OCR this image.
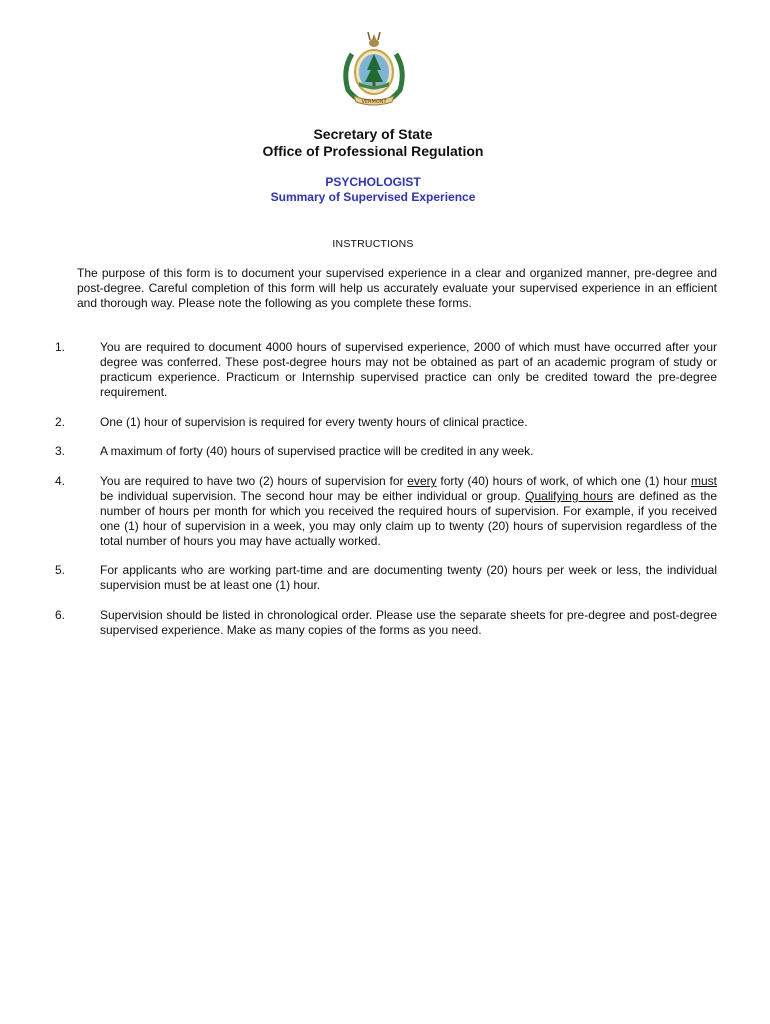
VERMONT
Secretary of State
Office of Professional Regulation
PSYCHOLOGIST
Summary of Supervised Experience
INSTRUCTIONS
The purpose of this form is to document your supervised experience in a clear and organized manner, pre-degree and post-degree. Careful completion of this form will help us accurately evaluate your supervised experience in an efficient and thorough way. Please note the following as you complete these forms.
1.	You are required to document 4000 hours of supervised experience, 2000 of which must have occurred after your degree was conferred. These post-degree hours may not be obtained as part of an academic program of study or practicum experience. Practicum or Internship supervised practice can only be credited toward the pre-degree requirement.
2.	One (1) hour of supervision is required for every twenty hours of clinical practice.
3.	A maximum of forty (40) hours of supervised practice will be credited in any week.
4.	You are required to have two (2) hours of supervision for every forty (40) hours of work, of which one (1) hour must be individual supervision. The second hour may be either individual or group. Qualifying hours are defined as the number of hours per month for which you received the required hours of supervision. For example, if you received one (1) hour of supervision in a week, you may only claim up to twenty (20) hours of supervision regardless of the total number of hours you may have actually worked.
5.	For applicants who are working part-time and are documenting twenty (20) hours per week or less, the individual supervision must be at least one (1) hour.
6.	Supervision should be listed in chronological order. Please use the separate sheets for pre-degree and post-degree supervised experience. Make as many copies of the forms as you need.
